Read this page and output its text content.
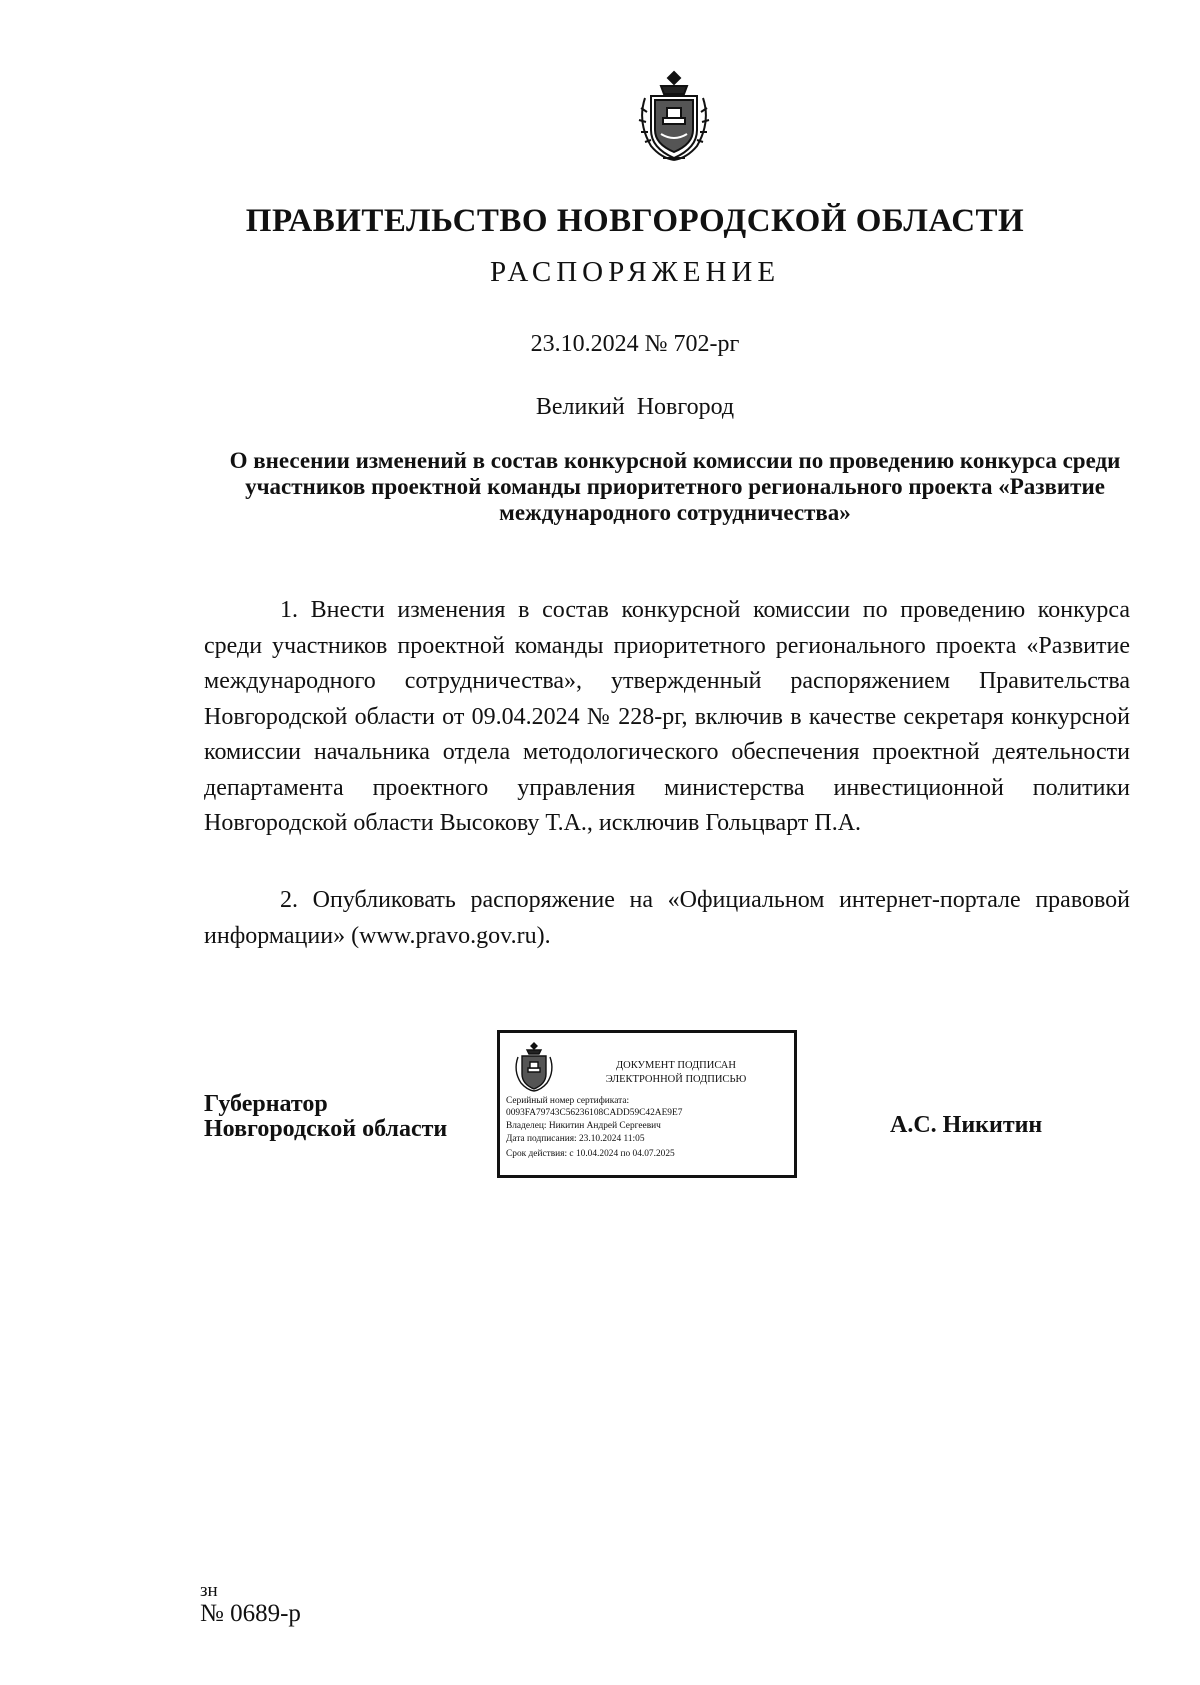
ПРАВИТЕЛЬСТВО НОВГОРОДСКОЙ ОБЛАСТИ
РАСПОРЯЖЕНИЕ
23.10.2024 № 702-рг
Великий Новгород
О внесении изменений в состав конкурсной комиссии по проведению конкурса среди участников проектной команды приоритетного регионального проекта «Развитие международного сотрудничества»

1. Внести изменения в состав конкурсной комиссии по проведению конкурса среди участников проектной команды приоритетного регионального проекта «Развитие международного сотрудничества», утвержденный распоряжением Правительства Новгородской области от 09.04.2024 № 228-рг, включив в качестве секретаря конкурсной комиссии начальника отдела методологического обеспечения проектной деятельности департамента проектного управления министерства инвестиционной политики Новгородской области Высокову Т.А., исключив Гольцварт П.А.

2. Опубликовать распоряжение на «Официальном интернет-портале правовой информации» (www.pravo.gov.ru).

Губернатор
Новгородской области
ДОКУМЕНТ ПОДПИСАН
ЭЛЕКТРОННОЙ ПОДПИСЬЮ
Серийный номер сертификата:
0093FA79743C56236108CADD59C42AE9E7
Владелец: Никитин Андрей Сергеевич
Дата подписания: 23.10.2024 11:05
Срок действия: с 10.04.2024 по 04.07.2025
А.С. Никитин
зн
№ 0689-р
